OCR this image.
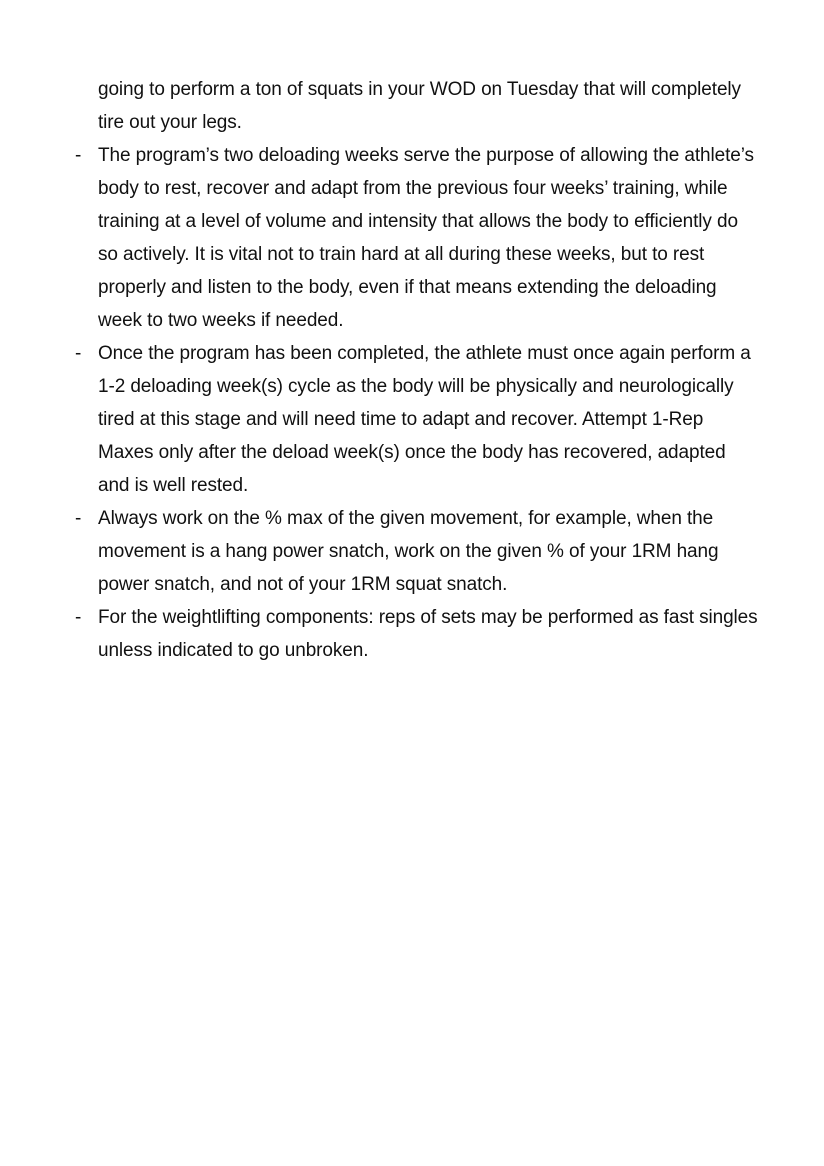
going to perform a ton of squats in your WOD on Tuesday that will completely tire out your legs.

- The program’s two deloading weeks serve the purpose of allowing the athlete’s body to rest, recover and adapt from the previous four weeks’ training, while training at a level of volume and intensity that allows the body to efficiently do so actively. It is vital not to train hard at all during these weeks, but to rest properly and listen to the body, even if that means extending the deloading week to two weeks if needed.
- Once the program has been completed, the athlete must once again perform a 1-2 deloading week(s) cycle as the body will be physically and neurologically tired at this stage and will need time to adapt and recover. Attempt 1-Rep Maxes only after the deload week(s) once the body has recovered, adapted and is well rested.
- Always work on the % max of the given movement, for example, when the movement is a hang power snatch, work on the given % of your 1RM hang power snatch, and not of your 1RM squat snatch.
- For the weightlifting components: reps of sets may be performed as fast singles unless indicated to go unbroken.
